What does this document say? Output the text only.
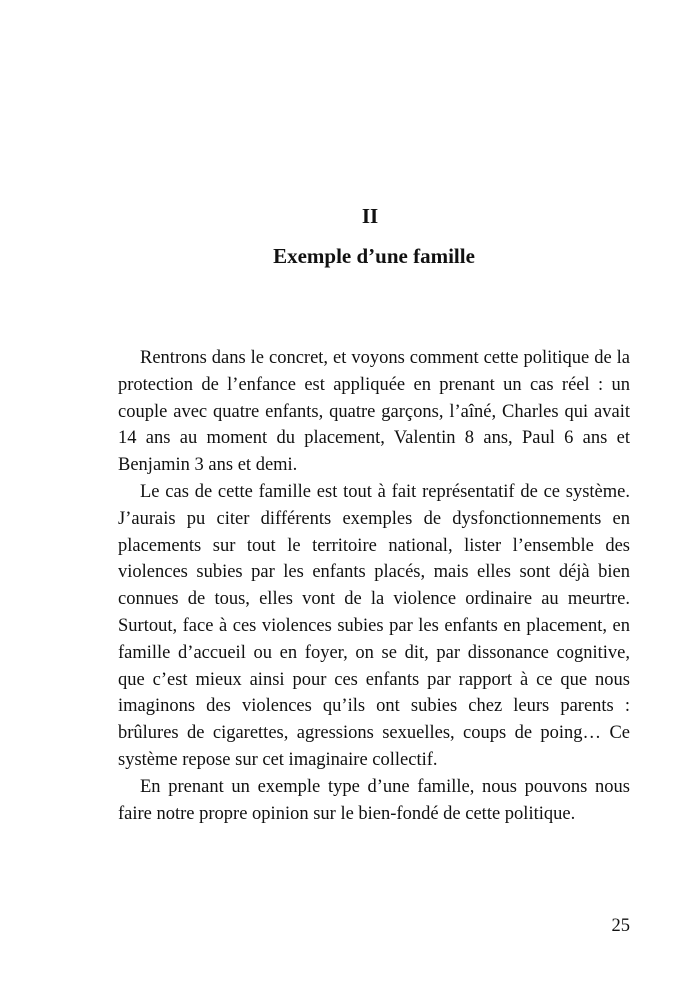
II
Exemple d’une famille

Rentrons dans le concret, et voyons comment cette politique de la protection de l’enfance est appliquée en prenant un cas réel : un couple avec quatre enfants, quatre garçons, l’aîné, Charles qui avait 14 ans au moment du placement, Valentin 8 ans, Paul 6 ans et Benjamin 3 ans et demi.

Le cas de cette famille est tout à fait représentatif de ce système. J’aurais pu citer différents exemples de dysfonctionnements en placements sur tout le territoire national, lister l’ensemble des violences subies par les enfants placés, mais elles sont déjà bien connues de tous, elles vont de la violence ordinaire au meurtre. Surtout, face à ces violences subies par les enfants en placement, en famille d’accueil ou en foyer, on se dit, par dissonance cognitive, que c’est mieux ainsi pour ces enfants par rapport à ce que nous imaginons des violences qu’ils ont subies chez leurs parents : brûlures de cigarettes, agressions sexuelles, coups de poing… Ce système repose sur cet imaginaire collectif.

En prenant un exemple type d’une famille, nous pouvons nous faire notre propre opinion sur le bien-fondé de cette politique.

25
